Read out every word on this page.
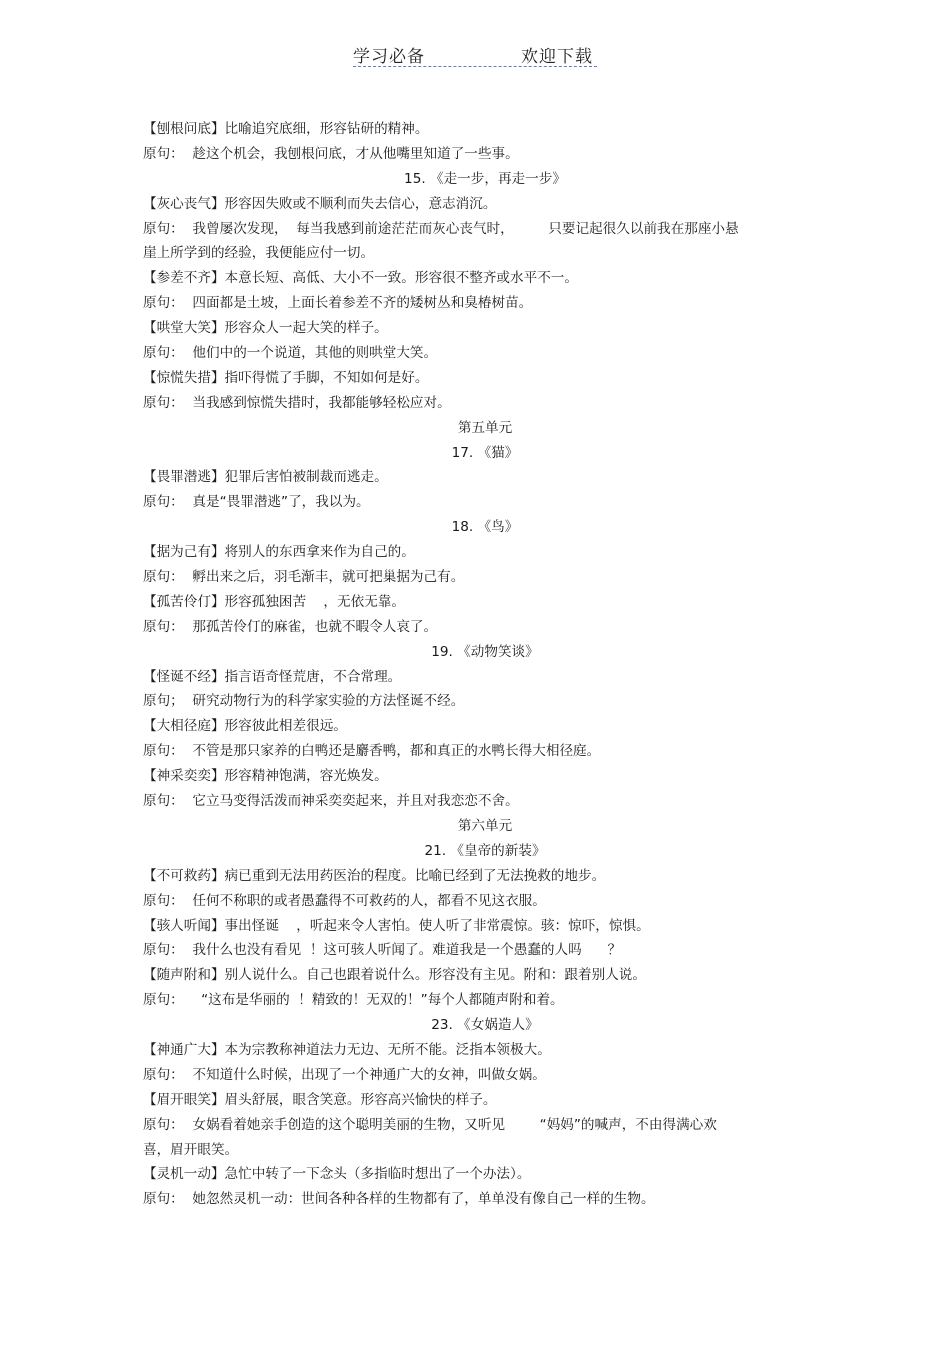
学习必备	欢迎下载
【刨根问底】比喻追究底细，形容钻研的精神。
原句：  趁这个机会，我刨根问底，才从他嘴里知道了一些事。
15. 《走一步，再走一步》
【灰心丧气】形容因失败或不顺利而失去信心，意志消沉。
原句：  我曾屡次发现，  每当我感到前途茫茫而灰心丧气时，        只要记起很久以前我在那座小悬
崖上所学到的经验，我便能应付一切。
【参差不齐】本意长短、高低、大小不一致。形容很不整齐或水平不一。
原句：  四面都是土坡，上面长着参差不齐的矮树丛和臭椿树苗。
【哄堂大笑】形容众人一起大笑的样子。
原句：  他们中的一个说道，其他的则哄堂大笑。
【惊慌失措】指吓得慌了手脚，不知如何是好。
原句：  当我感到惊慌失措时，我都能够轻松应对。
第五单元
17. 《猫》
【畏罪潜逃】犯罪后害怕被制裁而逃走。
原句：  真是“畏罪潜逃”了，我以为。
18. 《鸟》
【据为己有】将别人的东西拿来作为自己的。
原句：  孵出来之后，羽毛渐丰，就可把巢据为己有。
【孤苦伶仃】形容孤独困苦    ，无依无靠。
原句：  那孤苦伶仃的麻雀，也就不暇令人哀了。
19. 《动物笑谈》
【怪诞不经】指言语奇怪荒唐，不合常理。
原句；  研究动物行为的科学家实验的方法怪诞不经。
【大相径庭】形容彼此相差很远。
原句：  不管是那只家养的白鸭还是麝香鸭，都和真正的水鸭长得大相径庭。
【神采奕奕】形容精神饱满，容光焕发。
原句：  它立马变得活泼而神采奕奕起来，并且对我恋恋不舍。
第六单元
21. 《皇帝的新装》
【不可救药】病已重到无法用药医治的程度。比喻已经到了无法挽救的地步。
原句：  任何不称职的或者愚蠢得不可救药的人，都看不见这衣服。
【骇人听闻】事出怪诞    ，听起来令人害怕。使人听了非常震惊。骇：惊吓，惊惧。
原句：  我什么也没有看见  ！这可骇人听闻了。难道我是一个愚蠢的人吗      ？
【随声附和】别人说什么。自己也跟着说什么。形容没有主见。附和：跟着别人说。
原句：    “这布是华丽的  ！精致的！无双的！”每个人都随声附和着。
23. 《女娲造人》
【神通广大】本为宗教称神道法力无边、无所不能。泛指本领极大。
原句：  不知道什么时候，出现了一个神通广大的女神，叫做女娲。
【眉开眼笑】眉头舒展，眼含笑意。形容高兴愉快的样子。
原句：  女娲看着她亲手创造的这个聪明美丽的生物，又听见        “妈妈”的喊声，不由得满心欢
喜，眉开眼笑。
【灵机一动】急忙中转了一下念头（多指临时想出了一个办法）。
原句：  她忽然灵机一动：世间各种各样的生物都有了，单单没有像自己一样的生物。
